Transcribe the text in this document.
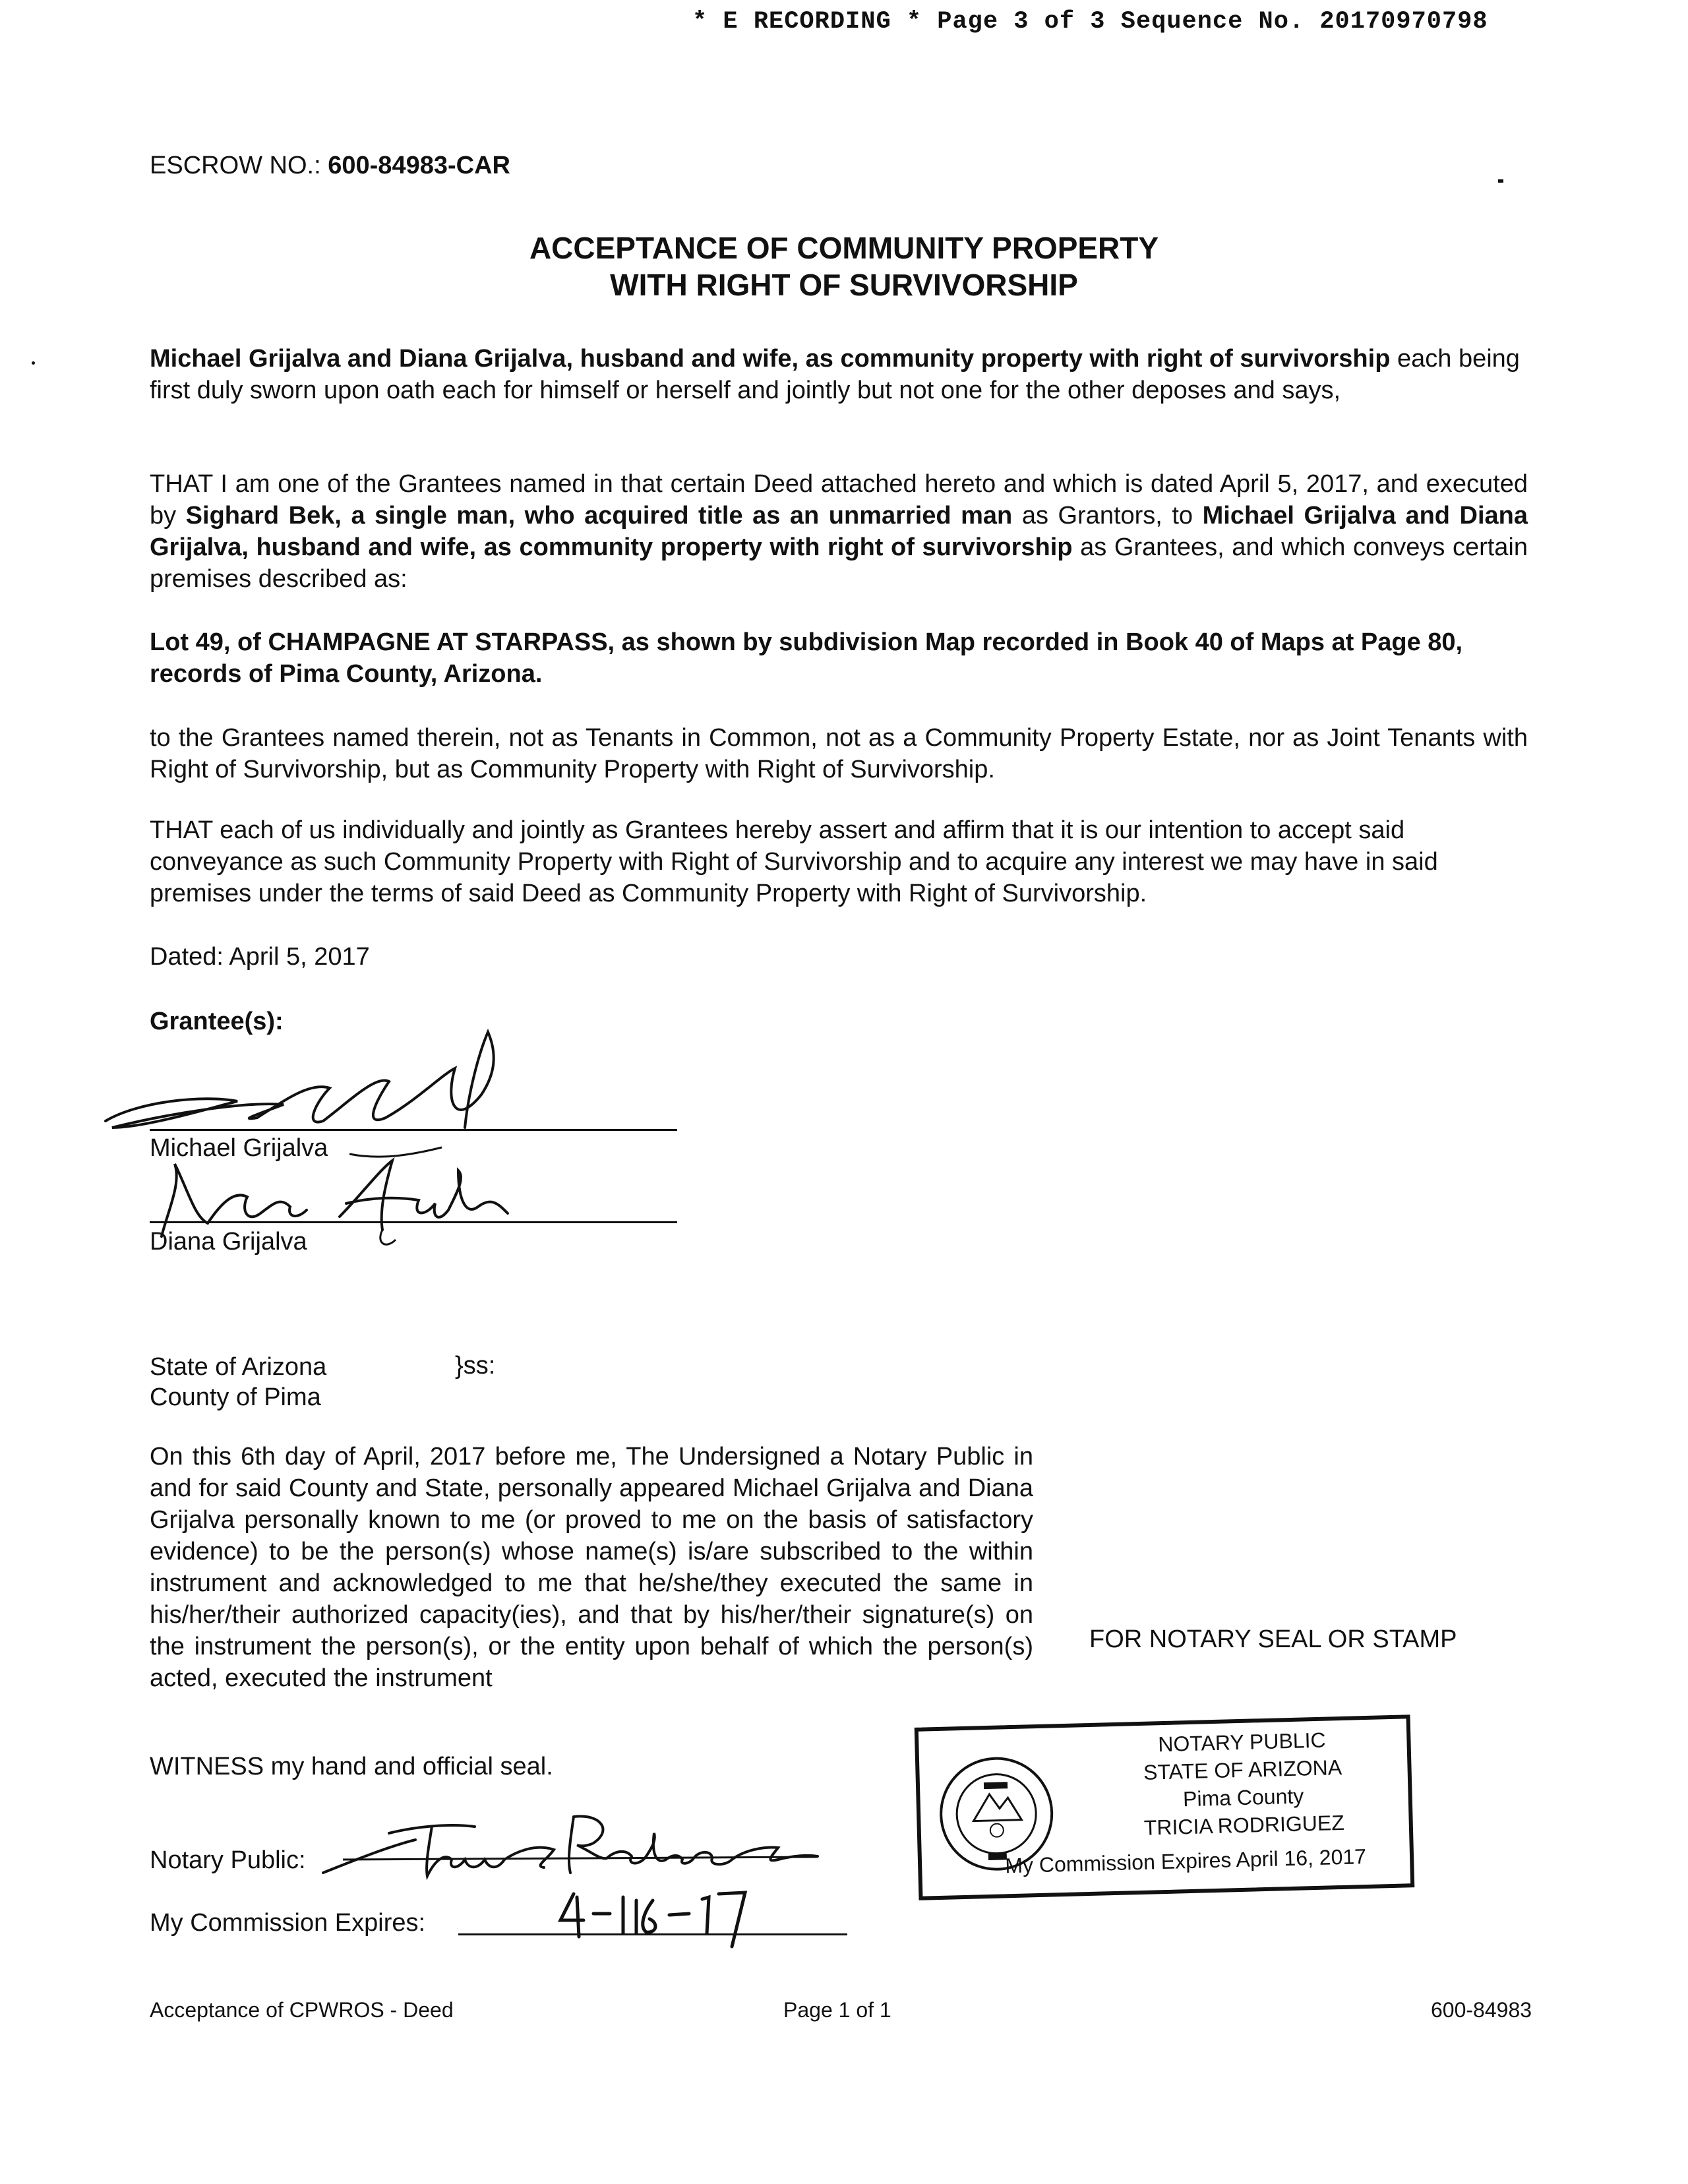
* E RECORDING * Page 3 of 3 Sequence No. 20170970798
ESCROW NO.: 600-84983-CAR
ACCEPTANCE OF COMMUNITY PROPERTY
WITH RIGHT OF SURVIVORSHIP
Michael Grijalva and Diana Grijalva, husband and wife, as community property with right of survivorship each being first duly sworn upon oath each for himself or herself and jointly but not one for the other deposes and says,
THAT I am one of the Grantees named in that certain Deed attached hereto and which is dated April 5, 2017, and executed by Sighard Bek, a single man, who acquired title as an unmarried man as Grantors, to Michael Grijalva and Diana Grijalva, husband and wife, as community property with right of survivorship as Grantees, and which conveys certain premises described as:
Lot 49, of CHAMPAGNE AT STARPASS, as shown by subdivision Map recorded in Book 40 of Maps at Page 80, records of Pima County, Arizona.
to the Grantees named therein, not as Tenants in Common, not as a Community Property Estate, nor as Joint Tenants with Right of Survivorship, but as Community Property with Right of Survivorship.
THAT each of us individually and jointly as Grantees hereby assert and affirm that it is our intention to accept said conveyance as such Community Property with Right of Survivorship and to acquire any interest we may have in said premises under the terms of said Deed as Community Property with Right of Survivorship.
Dated: April 5, 2017
Grantee(s):
Michael Grijalva
Diana Grijalva
State of Arizona
County of Pima
}ss:
On this 6th day of April, 2017 before me, The Undersigned a Notary Public in and for said County and State, personally appeared Michael Grijalva and Diana Grijalva personally known to me (or proved to me on the basis of satisfactory evidence) to be the person(s) whose name(s) is/are subscribed to the within instrument and acknowledged to me that he/she/they executed the same in his/her/their authorized capacity(ies), and that by his/her/their signature(s) on the instrument the person(s), or the entity upon behalf of which the person(s) acted, executed the instrument
FOR NOTARY SEAL OR STAMP
WITNESS my hand and official seal.
Notary Public:
My Commission Expires:
NOTARY PUBLIC
STATE OF ARIZONA
Pima County
TRICIA RODRIGUEZ
My Commission Expires April 16, 2017
Acceptance of CPWROS - Deed	Page 1 of 1	600-84983
